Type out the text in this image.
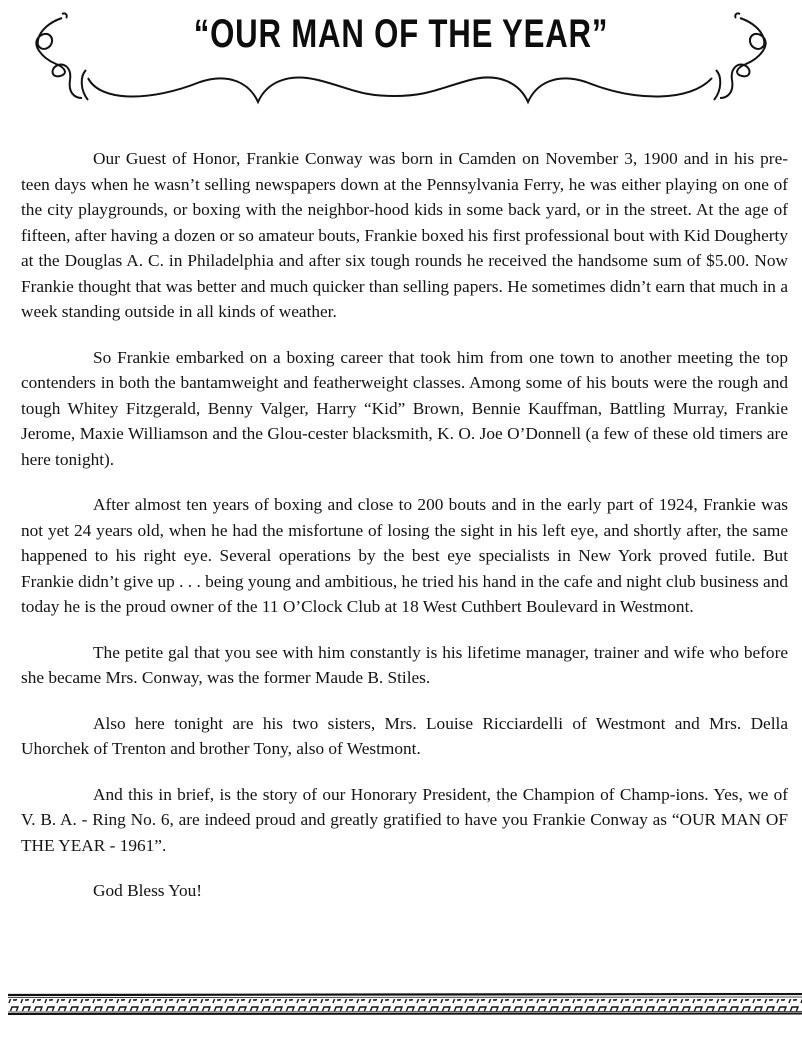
“OUR MAN OF THE YEAR”

Our Guest of Honor, Frankie Conway was born in Camden on November 3, 1900 and in his pre-teen days when he wasn’t selling newspapers down at the Pennsylvania Ferry, he was either playing on one of the city playgrounds, or boxing with the neighbor-hood kids in some back yard, or in the street. At the age of fifteen, after having a dozen or so amateur bouts, Frankie boxed his first professional bout with Kid Dougherty at the Douglas A. C. in Philadelphia and after six tough rounds he received the handsome sum of $5.00. Now Frankie thought that was better and much quicker than selling papers. He sometimes didn’t earn that much in a week standing outside in all kinds of weather.

So Frankie embarked on a boxing career that took him from one town to another meeting the top contenders in both the bantamweight and featherweight classes. Among some of his bouts were the rough and tough Whitey Fitzgerald, Benny Valger, Harry “Kid” Brown, Bennie Kauffman, Battling Murray, Frankie Jerome, Maxie Williamson and the Glou-cester blacksmith, K. O. Joe O’Donnell (a few of these old timers are here tonight).

After almost ten years of boxing and close to 200 bouts and in the early part of 1924, Frankie was not yet 24 years old, when he had the misfortune of losing the sight in his left eye, and shortly after, the same happened to his right eye. Several operations by the best eye specialists in New York proved futile. But Frankie didn’t give up . . . being young and ambitious, he tried his hand in the cafe and night club business and today he is the proud owner of the 11 O’Clock Club at 18 West Cuthbert Boulevard in Westmont.

The petite gal that you see with him constantly is his lifetime manager, trainer and wife who before she became Mrs. Conway, was the former Maude B. Stiles.

Also here tonight are his two sisters, Mrs. Louise Ricciardelli of Westmont and Mrs. Della Uhorchek of Trenton and brother Tony, also of Westmont.

And this in brief, is the story of our Honorary President, the Champion of Champ-ions. Yes, we of V. B. A. - Ring No. 6, are indeed proud and greatly gratified to have you Frankie Conway as “OUR MAN OF THE YEAR - 1961”.

God Bless You!
